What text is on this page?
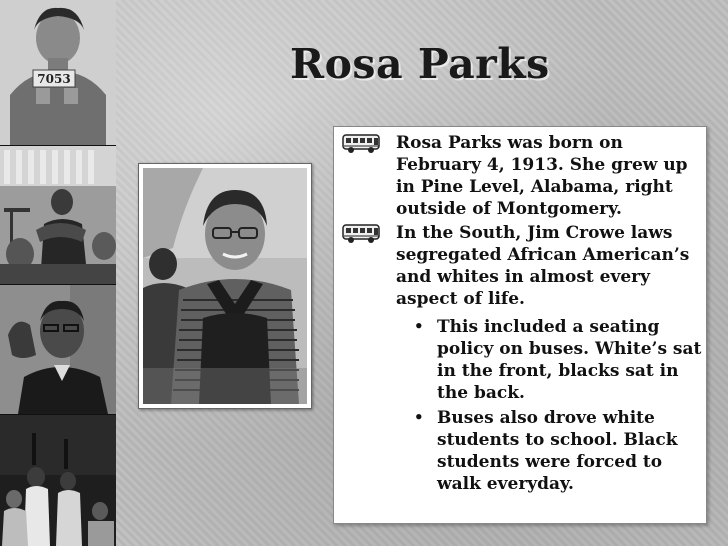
7053	Rosa Parks

Rosa Parks was born on February 4, 1913. She grew up in Pine Level, Alabama, right outside of Montgomery.

In the South, Jim Crowe laws segregated African American’s and whites in almost every aspect of life.

• This included a seating policy on buses. White’s sat in the front, blacks sat in the back.

• Buses also drove white students to school. Black students were forced to walk everyday.
